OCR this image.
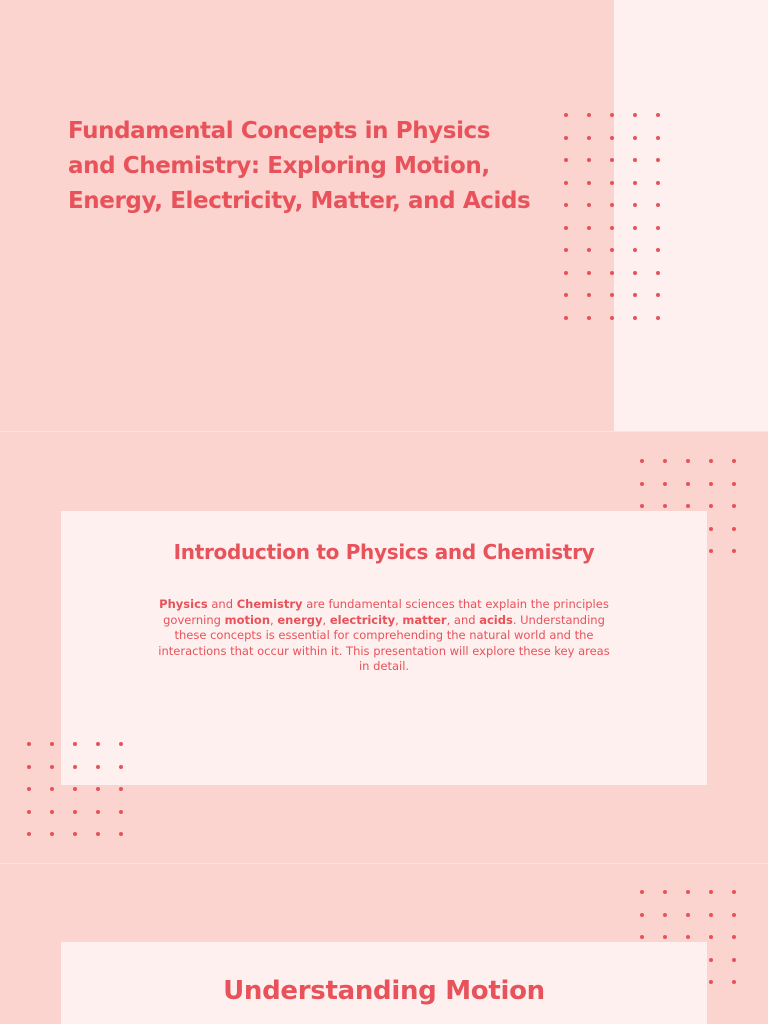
Fundamental Concepts in Physics and Chemistry: Exploring Motion, Energy, Electricity, Matter, and Acids
Introduction to Physics and Chemistry

Physics and Chemistry are fundamental sciences that explain the principles governing motion, energy, electricity, matter, and acids. Understanding these concepts is essential for comprehending the natural world and the interactions that occur within it. This presentation will explore these key areas in detail.

Understanding Motion
